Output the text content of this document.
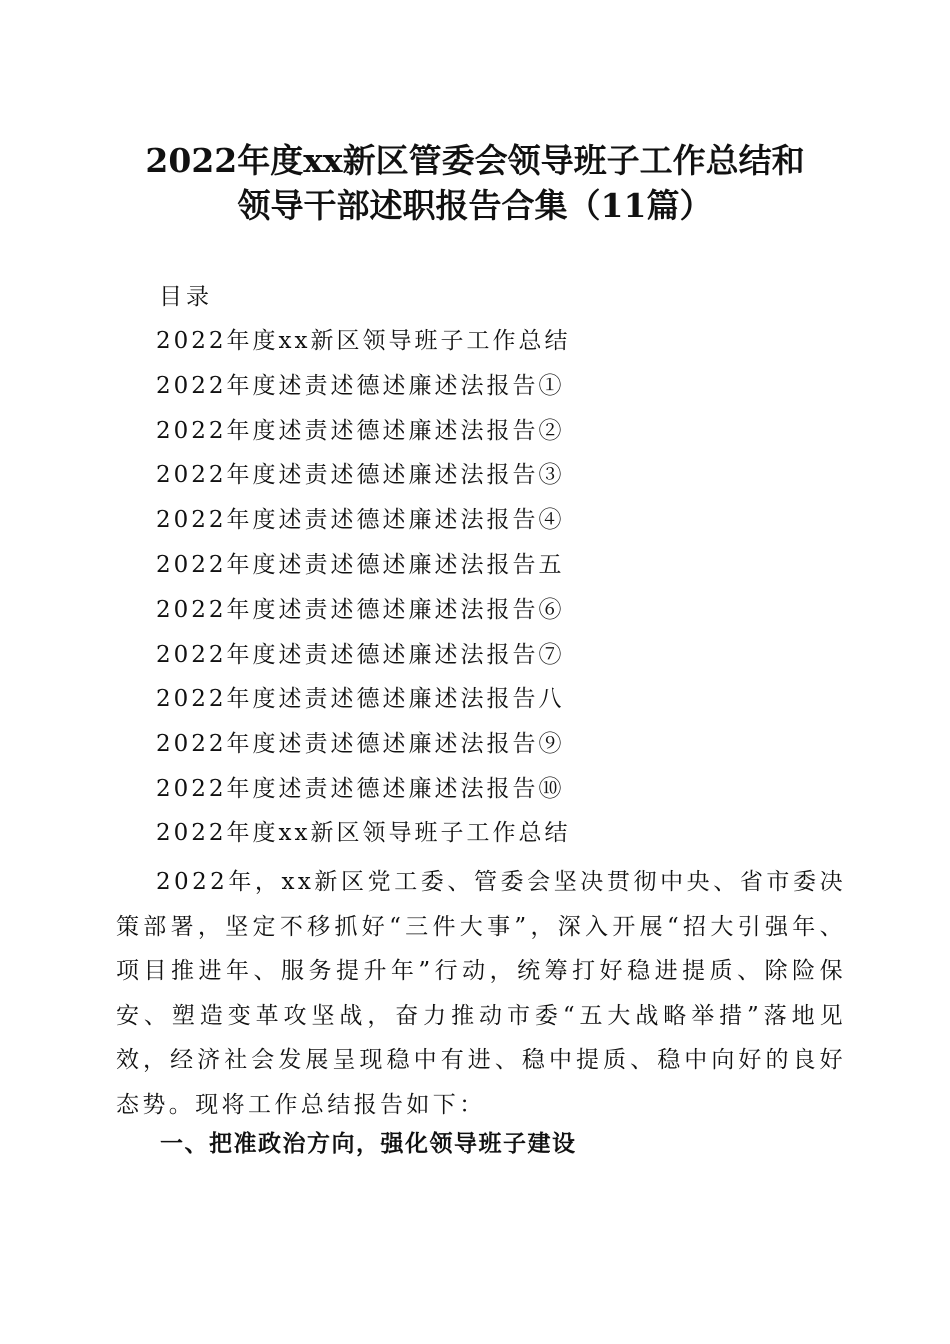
2022年度xx新区管委会领导班子工作总结和
领导干部述职报告合集（11篇）
目录
2022年度xx新区领导班子工作总结
2022年度述责述德述廉述法报告①
2022年度述责述德述廉述法报告②
2022年度述责述德述廉述法报告③
2022年度述责述德述廉述法报告④
2022年度述责述德述廉述法报告五
2022年度述责述德述廉述法报告⑥
2022年度述责述德述廉述法报告⑦
2022年度述责述德述廉述法报告八
2022年度述责述德述廉述法报告⑨
2022年度述责述德述廉述法报告⑩
2022年度xx新区领导班子工作总结

2022年，xx新区党工委、管委会坚决贯彻中央、省市委决策部署，坚定不移抓好“三件大事”，深入开展“招大引强年、项目推进年、服务提升年”行动，统筹打好稳进提质、除险保安、塑造变革攻坚战，奋力推动市委“五大战略举措”落地见效，经济社会发展呈现稳中有进、稳中提质、稳中向好的良好态势。现将工作总结报告如下：

一、把准政治方向，强化领导班子建设
